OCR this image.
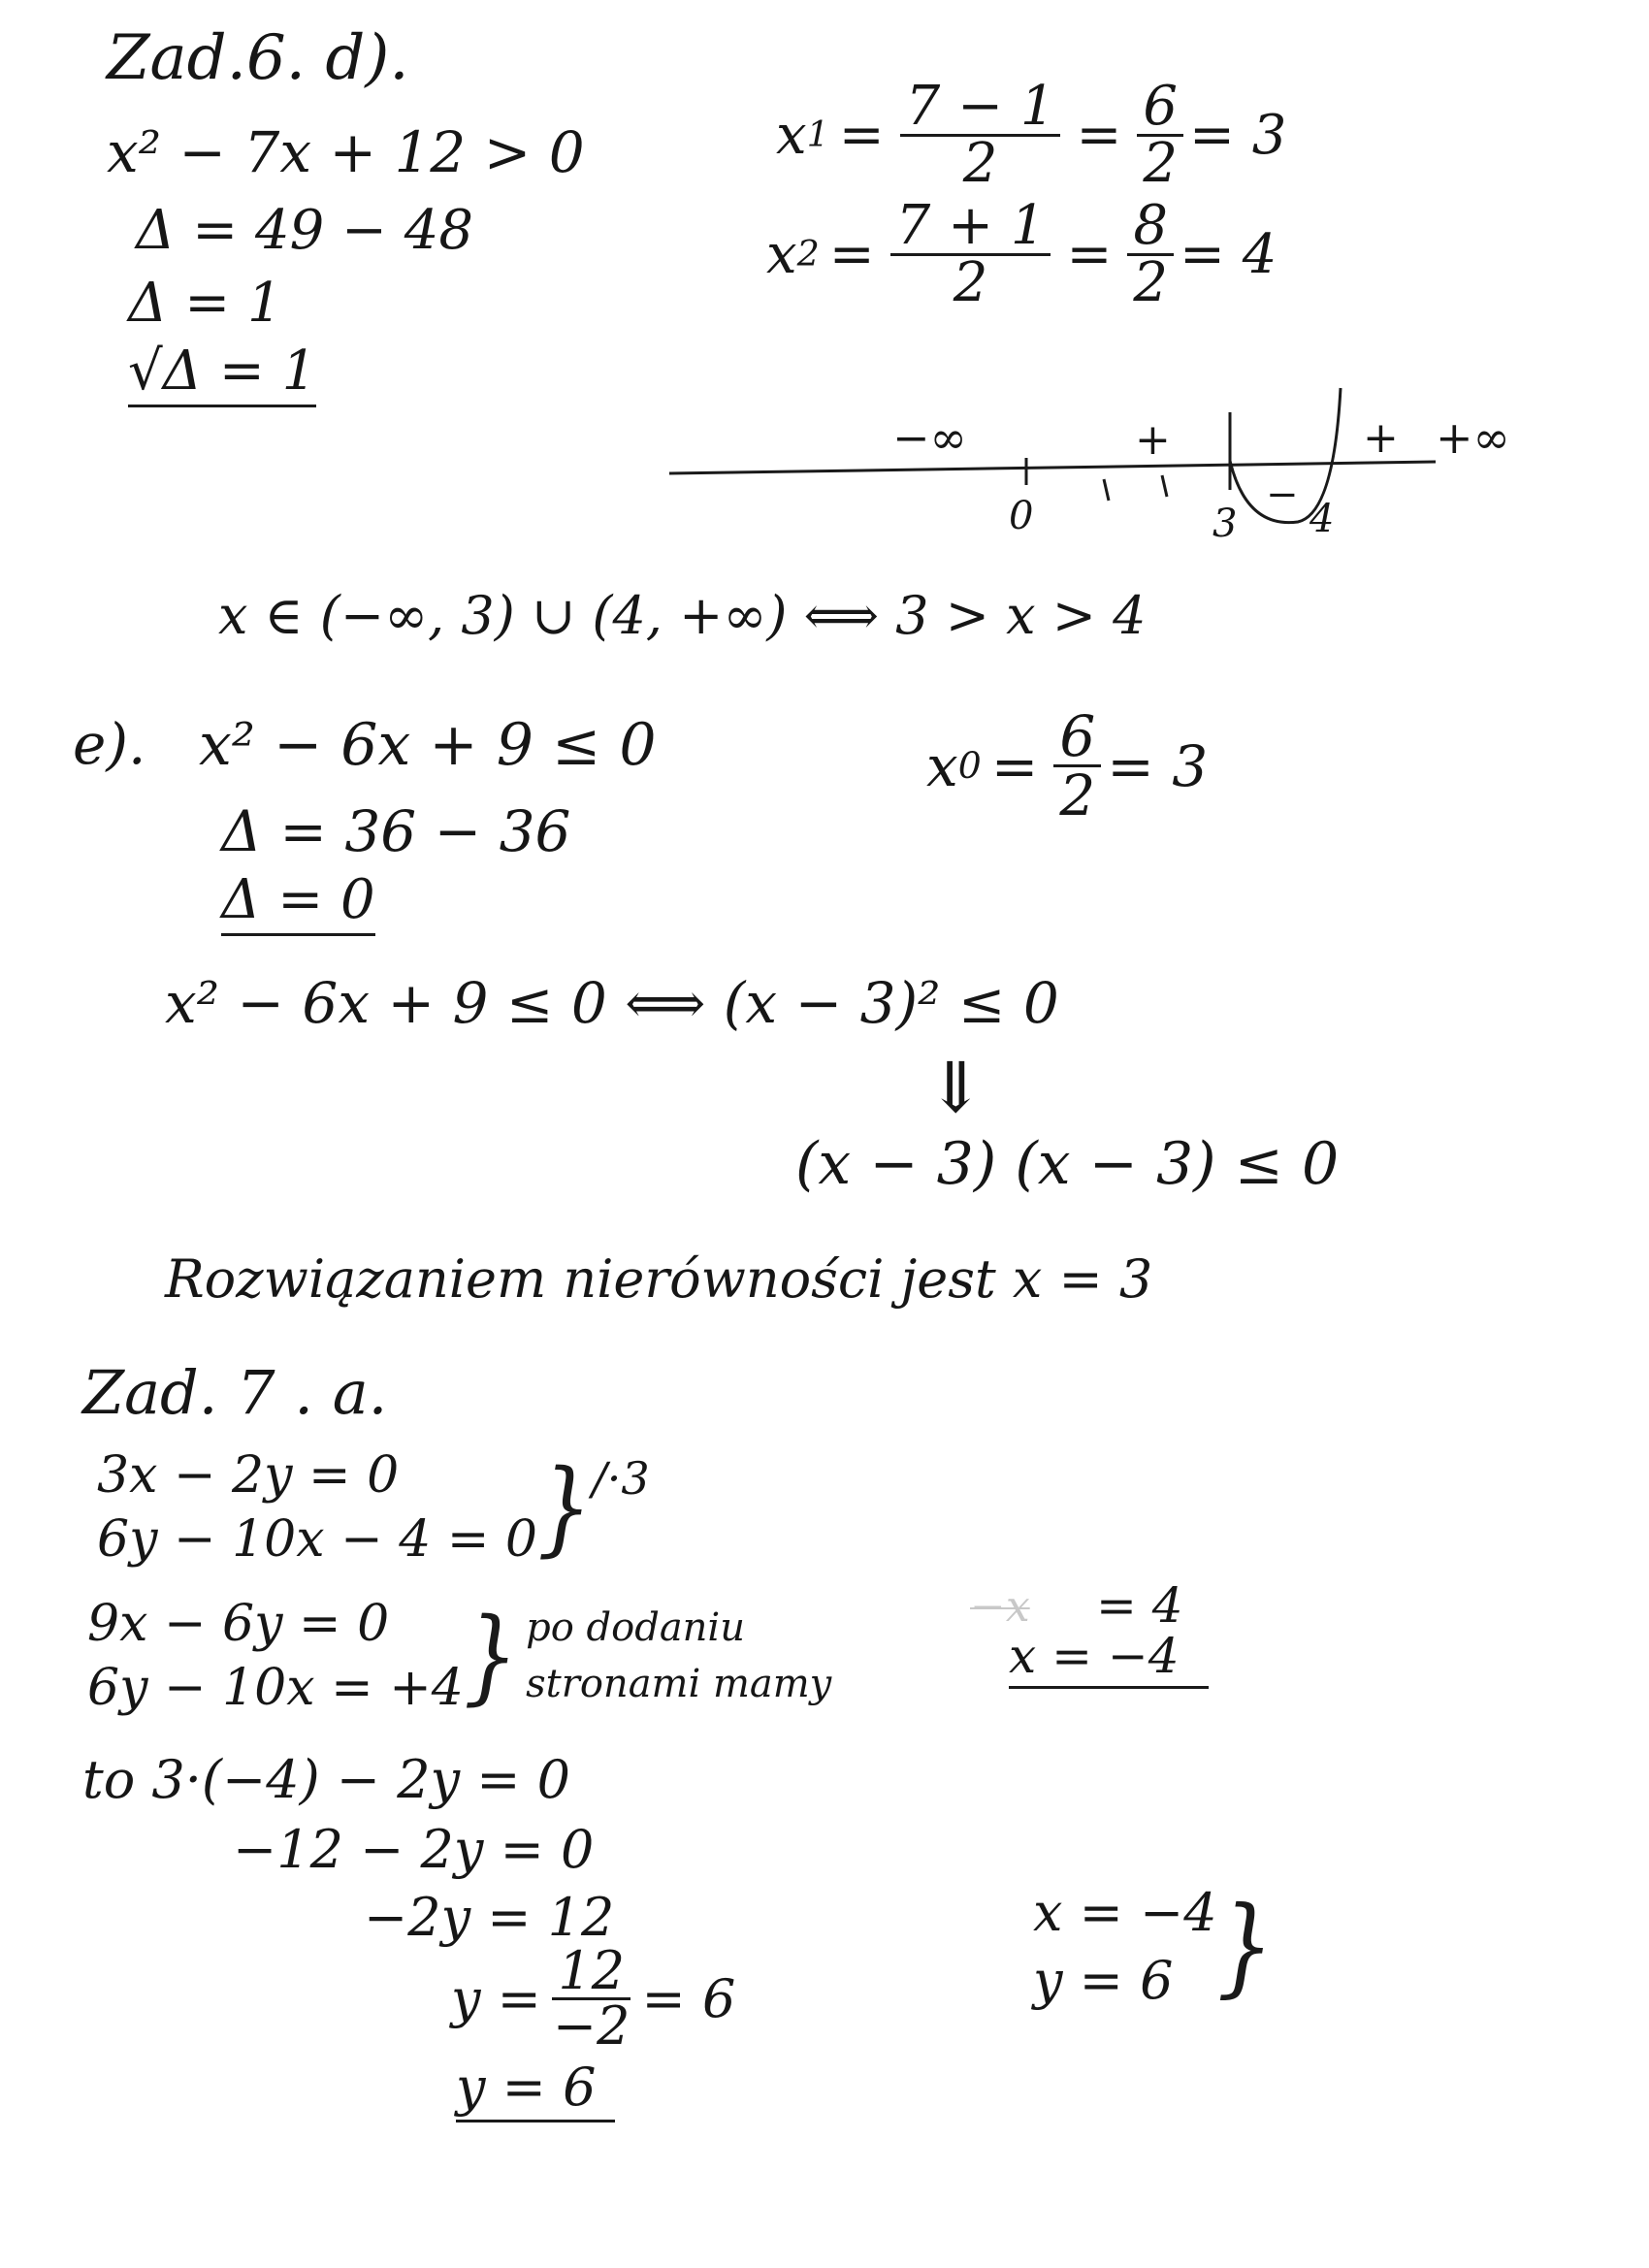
Zad.6. d).
x² − 7x + 12 > 0
Δ = 49 − 48
Δ = 1
√Δ = 1
x $1 = \frac{7 - 1}{2} = \frac{6}{2} = 3$
x $2 = \frac{7 + 1}{2} = \frac{8}{2} = 4$
−∞	+
−
+ +∞
0	3 4
x ∈ (−∞, 3) ∪ (4, +∞) ⟺ 3 > x > 4
e). x² − 6x + 9 ≤ 0	x $0 = \frac{6}{2} = 3$
Δ = 36 − 36
Δ = 0
x² − 6x + 9 ≤ 0 ⟺ (x − 3)² ≤ 0
⇓
(x − 3) (x − 3) ≤ 0
Rozwiązaniem nierówności jest x = 3
Zad. 7 . a.
3x − 2y = 0
6y − 10x − 4 = 0 } /·3
9x − 6y = 0
6y − 10x = +4 } po dodaniu
stronami mamy
−x = 4
x = −4
to 3·(−4) − 2y = 0
−12 − 2y = 0
−2y = 12
$y = \frac{12}{-2} = 6$
y = 6
x = −4
y = 6 }
